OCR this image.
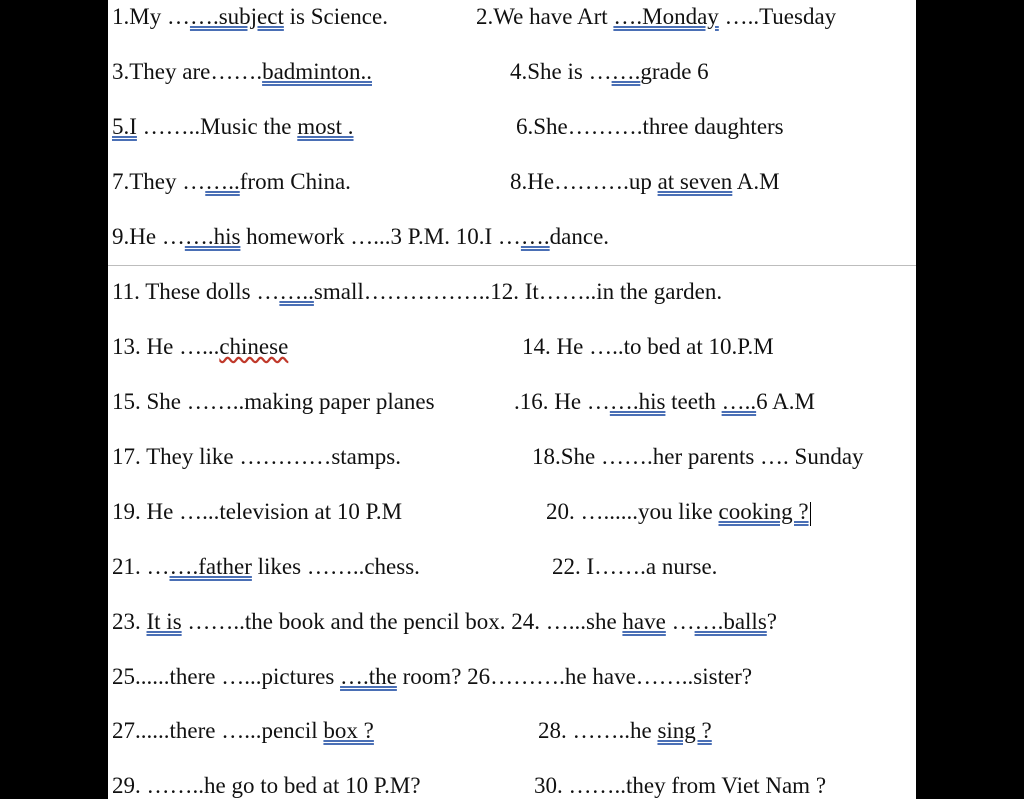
1.My …….subject is Science.	2.We have Art ….Monday …..Tuesday
3.They are…….badminton..	4.She is …….grade 6
5.I ……..Music the most .	6.She……….three daughters
7.They ……..from China.	8.He……….up at seven A.M
9.He …….his homework …...3 P.M. 10.I …….dance.
11. These dolls ……..small……………..12. It……..in the garden.
13. He …...chinese	14. He …..to bed at 10.P.M
15. She ……..making paper planes	.16. He …….his teeth …..6 A.M
17. They like …………stamps.	18.She …….her parents …. Sunday
19. He …...television at 10 P.M	20. …......you like cooking ?
21. …….father likes ……..chess.	22. I…….a nurse.
23. It is ……..the book and the pencil box. 24. …...she have …….balls?
25......there …...pictures ….the room? 26……….he have……..sister?
27......there …...pencil box ?	28. ……..he sing ?
29. ……..he go to bed at 10 P.M?	30. ……..they from Viet Nam ?
